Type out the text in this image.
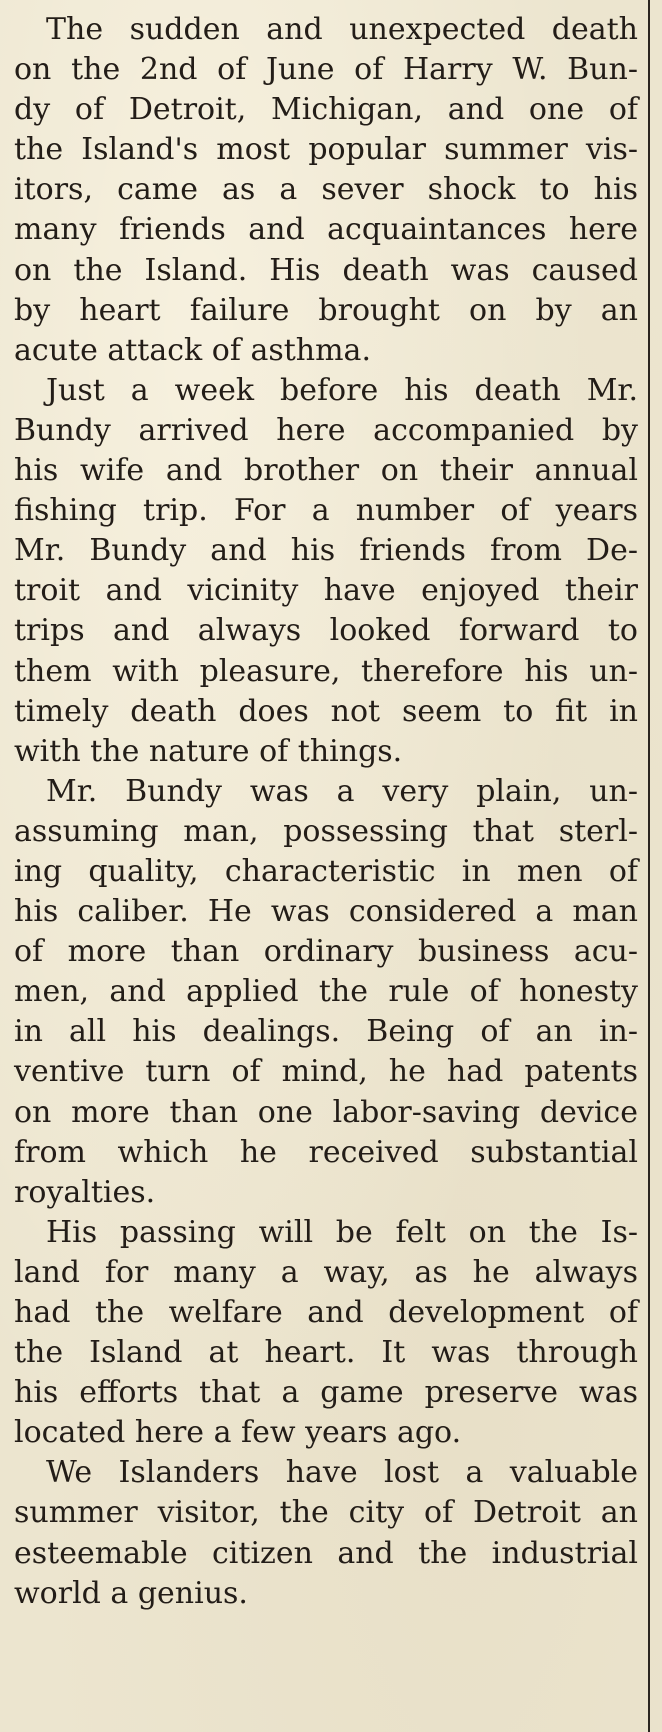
The sudden and unexpected death
on the 2nd of June of Harry W. Bun-
dy of Detroit, Michigan, and one of
the Island's most popular summer vis-
itors, came as a sever shock to his
many friends and acquaintances here
on the Island. His death was caused
by heart failure brought on by an
acute attack of asthma.
Just a week before his death Mr.
Bundy arrived here accompanied by
his wife and brother on their annual
fishing trip. For a number of years
Mr. Bundy and his friends from De-
troit and vicinity have enjoyed their
trips and always looked forward to
them with pleasure, therefore his un-
timely death does not seem to fit in
with the nature of things.
Mr. Bundy was a very plain, un-
assuming man, possessing that sterl-
ing quality, characteristic in men of
his caliber. He was considered a man
of more than ordinary business acu-
men, and applied the rule of honesty
in all his dealings. Being of an in-
ventive turn of mind, he had patents
on more than one labor-saving device
from which he received substantial
royalties.
His passing will be felt on the Is-
land for many a way, as he always
had the welfare and development of
the Island at heart. It was through
his efforts that a game preserve was
located here a few years ago.
We Islanders have lost a valuable
summer visitor, the city of Detroit an
esteemable citizen and the industrial
world a genius.
